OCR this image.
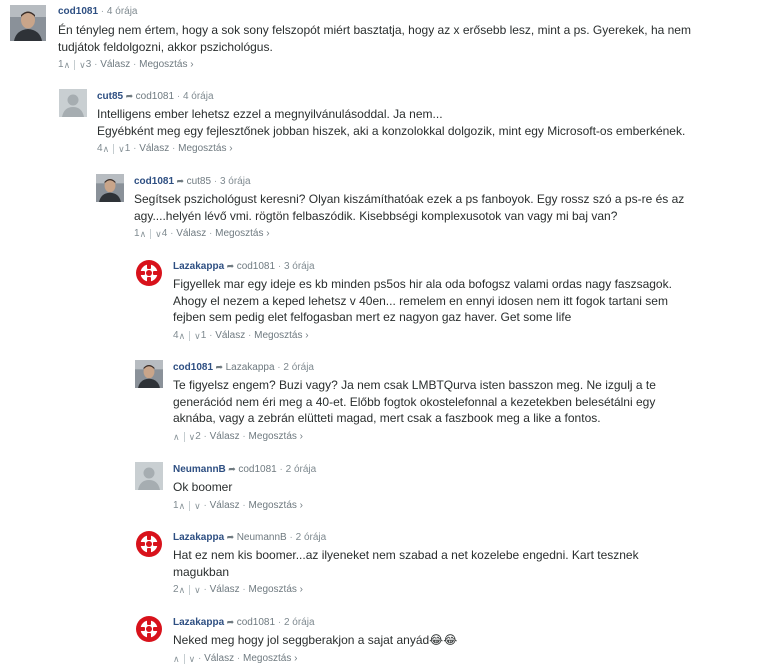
cod1081 · 4 órája

Én tényleg nem értem, hogy a sok sony felszopót miért basztatja, hogy az x erősebb lesz, mint a ps. Gyerekek, ha nem

tudjátok feldolgozni, akkor pszichológus.

1∧ ∨3 · Válasz · Megosztás ›
cut85 ➦ cod1081 · 4 órája

Intelligens ember lehetsz ezzel a megnyilvánulásoddal. Ja nem...

Egyébként meg egy fejlesztőnek jobban hiszek, aki a konzolokkal dolgozik, mint egy Microsoft-os emberkének.

4∧ ∨1 · Válasz · Megosztás ›
cod1081 ➦ cut85 · 3 órája

Segítsek pszichológust keresni? Olyan kiszámíthatóak ezek a ps fanboyok. Egy rossz szó a ps-re és az

agy....helyén lévő vmi. rögtön felbaszódik. Kisebbségi komplexusotok van vagy mi baj van?

1∧ ∨4 · Válasz · Megosztás ›
Lazakappa ➦ cod1081 · 3 órája

Figyellek mar egy ideje es kb minden ps5os hir ala oda bofogsz valami ordas nagy faszsagok.

Ahogy el nezem a keped lehetsz v 40en... remelem en ennyi idosen nem itt fogok tartani sem

fejben sem pedig elet felfogasban mert ez nagyon gaz haver. Get some life

4∧ ∨1 · Válasz · Megosztás ›
cod1081 ➦ Lazakappa · 2 órája

Te figyelsz engem? Buzi vagy? Ja nem csak LMBTQurva isten basszon meg. Ne izgulj a te

generációd nem éri meg a 40-et. Előbb fogtok okostelefonnal a kezetekben belesétálni egy

aknába, vagy a zebrán elütteti magad, mert csak a faszbook meg a like a fontos.

∧ ∨2 · Válasz · Megosztás ›
NeumannB ➦ cod1081 · 2 órája

Ok boomer

1∧ ∨ · Válasz · Megosztás ›
Lazakappa ➦ NeumannB · 2 órája

Hat ez nem kis boomer...az ilyeneket nem szabad a net kozelebe engedni. Kart tesznek

magukban

2∧ ∨ · Válasz · Megosztás ›
Lazakappa ➦ cod1081 · 2 órája

Neked meg hogy jol seggberakjon a sajat anyád😂😂

∧ ∨ · Válasz · Megosztás ›
